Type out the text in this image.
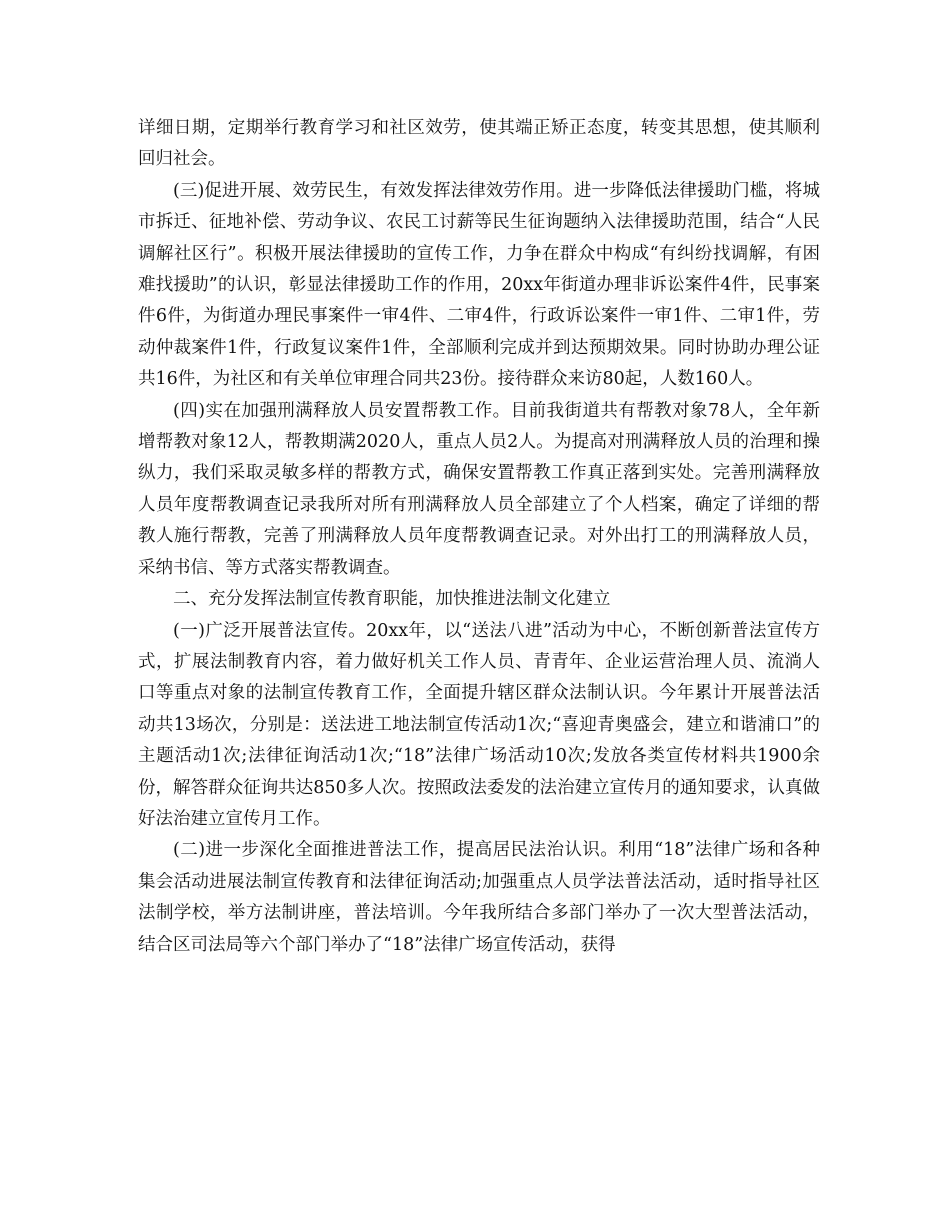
详细日期，定期举行教育学习和社区效劳，使其端正矫正态度，转变其思想，使其顺利回归社会。

(三)促进开展、效劳民生，有效发挥法律效劳作用。进一步降低法律援助门槛，将城市拆迁、征地补偿、劳动争议、农民工讨薪等民生征询题纳入法律援助范围，结合“人民调解社区行”。积极开展法律援助的宣传工作，力争在群众中构成“有纠纷找调解，有困难找援助”的认识，彰显法律援助工作的作用，20xx年街道办理非诉讼案件4件，民事案件6件，为街道办理民事案件一审4件、二审4件，行政诉讼案件一审1件、二审1件，劳动仲裁案件1件，行政复议案件1件，全部顺利完成并到达预期效果。同时协助办理公证共16件，为社区和有关单位审理合同共23份。接待群众来访80起，人数160人。

(四)实在加强刑满释放人员安置帮教工作。目前我街道共有帮教对象78人，全年新增帮教对象12人，帮教期满2020人，重点人员2人。为提高对刑满释放人员的治理和操纵力，我们采取灵敏多样的帮教方式，确保安置帮教工作真正落到实处。完善刑满释放人员年度帮教调查记录我所对所有刑满释放人员全部建立了个人档案，确定了详细的帮教人施行帮教，完善了刑满释放人员年度帮教调查记录。对外出打工的刑满释放人员，采纳书信、等方式落实帮教调查。

二、充分发挥法制宣传教育职能，加快推进法制文化建立

(一)广泛开展普法宣传。20xx年，以“送法八进”活动为中心，不断创新普法宣传方式，扩展法制教育内容，着力做好机关工作人员、青青年、企业运营治理人员、流淌人口等重点对象的法制宣传教育工作，全面提升辖区群众法制认识。今年累计开展普法活动共13场次，分别是：送法进工地法制宣传活动1次;“喜迎青奥盛会，建立和谐浦口”的主题活动1次;法律征询活动1次;“18”法律广场活动10次;发放各类宣传材料共1900余份，解答群众征询共达850多人次。按照政法委发的法治建立宣传月的通知要求，认真做好法治建立宣传月工作。

(二)进一步深化全面推进普法工作，提高居民法治认识。利用“18”法律广场和各种集会活动进展法制宣传教育和法律征询活动;加强重点人员学法普法活动，适时指导社区法制学校，举方法制讲座，普法培训。今年我所结合多部门举办了一次大型普法活动，结合区司法局等六个部门举办了“18”法律广场宣传活动，获得
